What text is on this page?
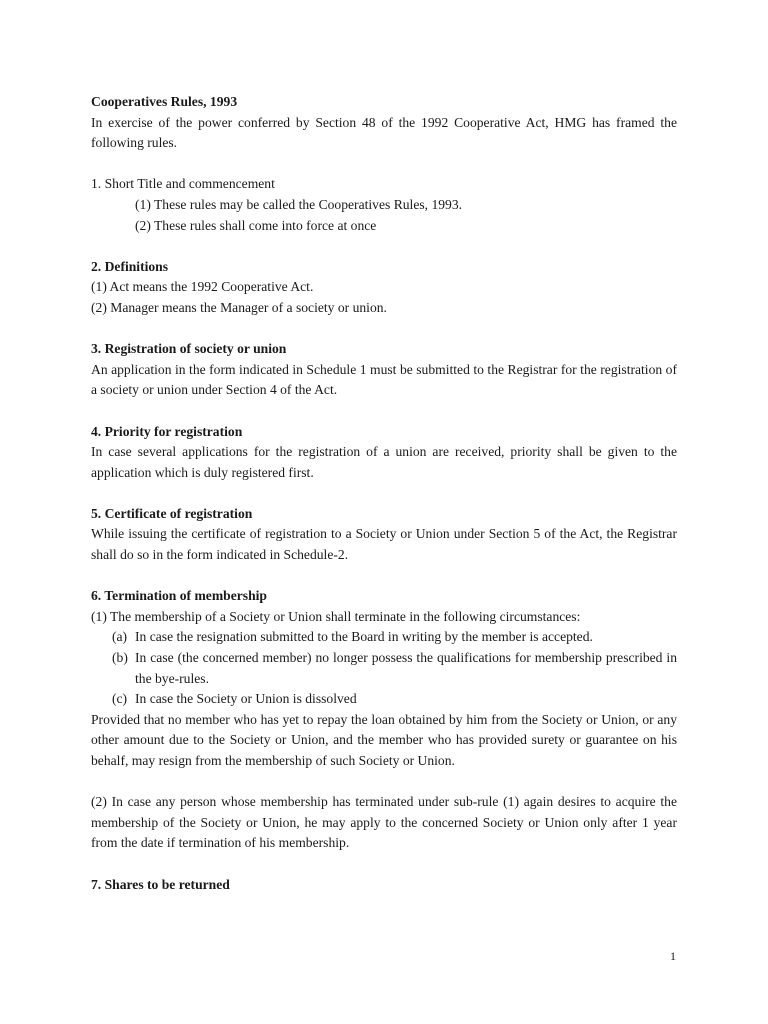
Cooperatives Rules, 1993

In exercise of the power conferred by Section 48 of the 1992 Cooperative Act, HMG has framed the following rules.

1. Short Title and commencement

(1) These rules may be called the Cooperatives Rules, 1993.

(2) These rules shall come into force at once

2. Definitions

(1) Act means the 1992 Cooperative Act.

(2) Manager means the Manager of a society or union.

3. Registration of society or union

An application in the form indicated in Schedule 1 must be submitted to the Registrar for the registration of a society or union under Section 4 of the Act.

4. Priority for registration

In case several applications for the registration of a union are received, priority shall be given to the application which is duly registered first.

5. Certificate of registration

While issuing the certificate of registration to a Society or Union under Section 5 of the Act, the Registrar shall do so in the form indicated in Schedule-2.

6. Termination of membership

(1) The membership of a Society or Union shall terminate in the following circumstances:

(a) In case the resignation submitted to the Board in writing by the member is accepted.
(b) In case (the concerned member) no longer possess the qualifications for membership prescribed in the bye-rules.
(c) In case the Society or Union is dissolved

Provided that no member who has yet to repay the loan obtained by him from the Society or Union, or any other amount due to the Society or Union, and the member who has provided surety or guarantee on his behalf, may resign from the membership of such Society or Union.

(2) In case any person whose membership has terminated under sub-rule (1) again desires to acquire the membership of the Society or Union, he may apply to the concerned Society or Union only after 1 year from the date if termination of his membership.

7. Shares to be returned

1
